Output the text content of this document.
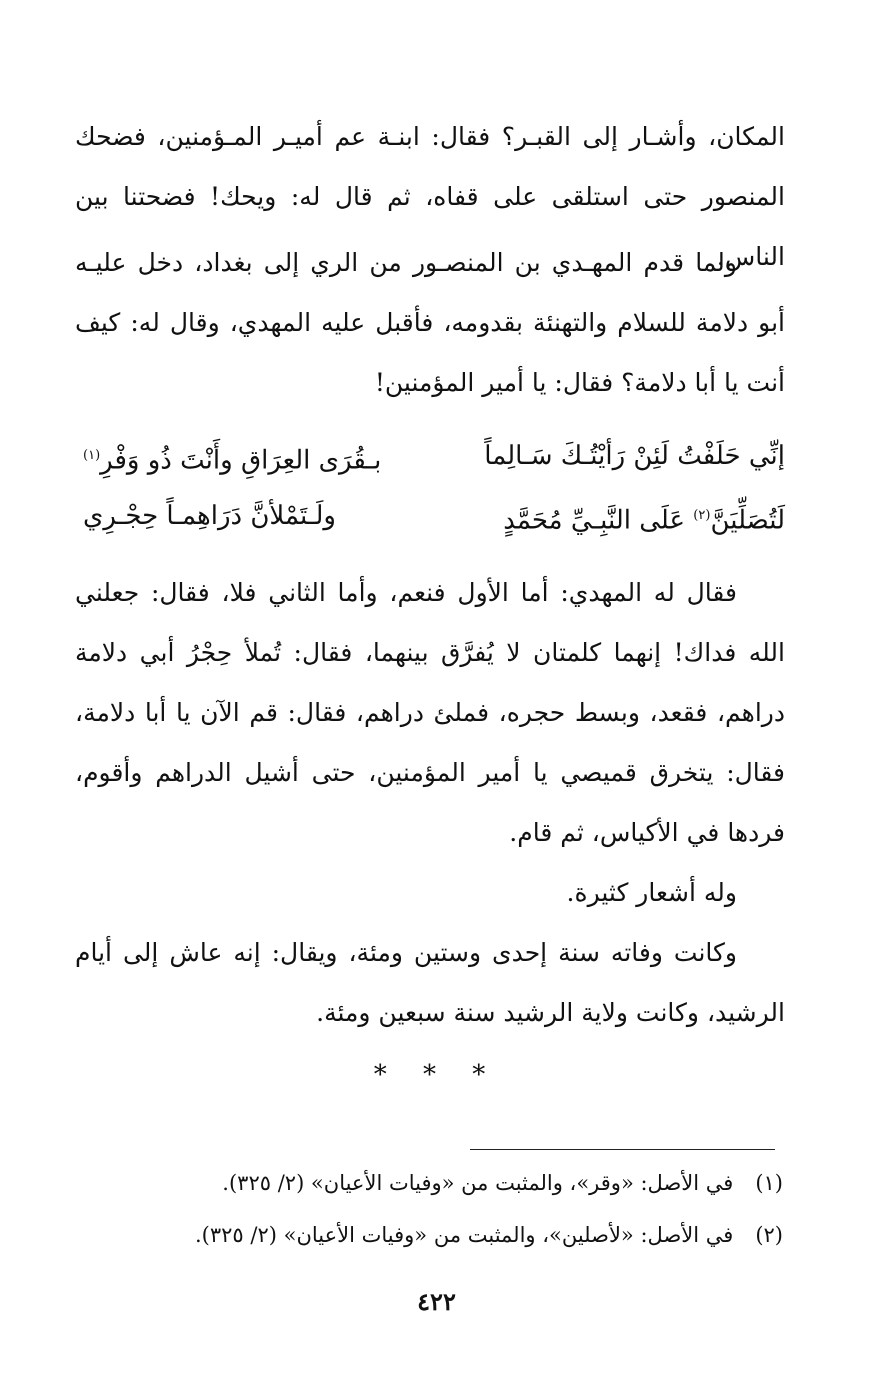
المكان، وأشـار إلى القبـر؟ فقال: ابنـة عم أميـر المـؤمنين، فضحك المنصور حتى استلقى على قفاه، ثم قال له: ويحك! فضحتنا بين الناس.

ولما قدم المهـدي بن المنصـور من الري إلى بغداد، دخل عليـه أبو دلامة للسلام والتهنئة بقدومه، فأقبل عليه المهدي، وقال له: كيف أنت يا أبا دلامة؟ فقال: يا أمير المؤمنين!

إنِّي حَلَفْتُ لَئِنْ رَأيْتُـكَ سَـالِماً
بـقُرَى العِرَاقِ وأَنْتَ ذُو وَفْرِ$^{(١)}$
لَتُصَلِّيَنَّ$^{(٢)}$ عَلَى النَّبِـيِّ مُحَمَّدٍ
ولَـتَمْلأنَّ دَرَاهِمـاً حِجْـرِي

فقال له المهدي: أما الأول فنعم، وأما الثاني فلا، فقال: جعلني الله فداك! إنهما كلمتان لا يُفرَّق بينهما، فقال: تُملأ حِجْرُ أبي دلامة دراهم، فقعد، وبسط حجره، فملئ دراهم، فقال: قم الآن يا أبا دلامة، فقال: يتخرق قميصي يا أمير المؤمنين، حتى أشيل الدراهم وأقوم، فردها في الأكياس، ثم قام.

وله أشعار كثيرة.

وكانت وفاته سنة إحدى وستين ومئة، ويقال: إنه عاش إلى أيام الرشيد، وكانت ولاية الرشيد سنة سبعين ومئة.

* * *
(١)في الأصل: «وقر»، والمثبت من «وفيات الأعيان» (٢/ ٣٢٥).
(٢)في الأصل: «لأصلين»، والمثبت من «وفيات الأعيان» (٢/ ٣٢٥).
٤٢٢
